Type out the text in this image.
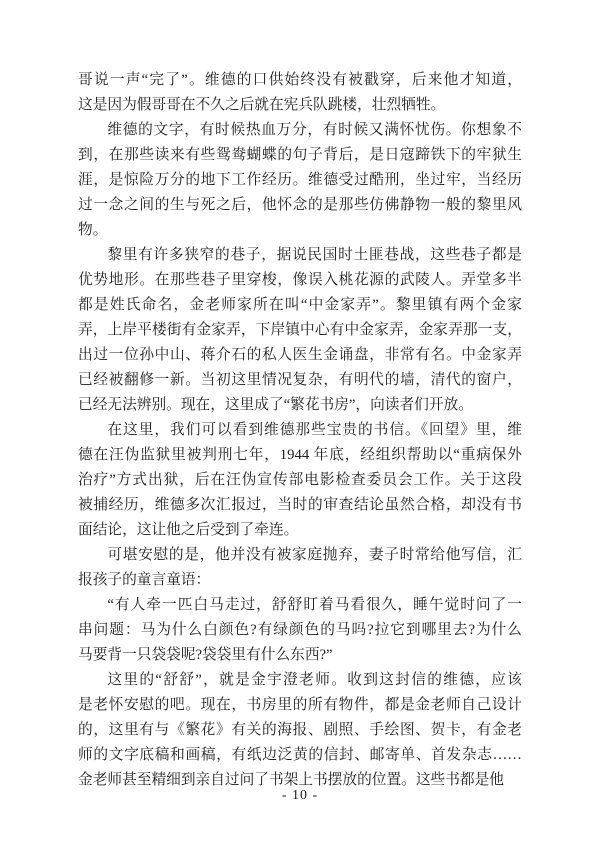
哥说一声“完了”。维德的口供始终没有被戳穿，后来他才知道，
这是因为假哥哥在不久之后就在宪兵队跳楼，壮烈牺牲。
维德的文字，有时候热血万分，有时候又满怀忧伤。你想象不
到，在那些读来有些鸳鸯蝴蝶的句子背后，是日寇蹄铁下的牢狱生
涯，是惊险万分的地下工作经历。维德受过酷刑，坐过牢，当经历
过一念之间的生与死之后，他怀念的是那些仿佛静物一般的黎里风
物。
黎里有许多狭窄的巷子，据说民国时土匪巷战，这些巷子都是
优势地形。在那些巷子里穿梭，像误入桃花源的武陵人。弄堂多半
都是姓氏命名，金老师家所在叫“中金家弄”。黎里镇有两个金家
弄，上岸平楼街有金家弄，下岸镇中心有中金家弄，金家弄那一支，
出过一位孙中山、蒋介石的私人医生金诵盘，非常有名。中金家弄
已经被翻修一新。当初这里情况复杂，有明代的墙，清代的窗户，
已经无法辨别。现在，这里成了“繁花书房”，向读者们开放。
在这里，我们可以看到维德那些宝贵的书信。《回望》里，维
德在汪伪监狱里被判刑七年，1944 年底，经组织帮助以“重病保外
治疗”方式出狱，后在汪伪宣传部电影检查委员会工作。关于这段
被捕经历，维德多次汇报过，当时的审查结论虽然合格，却没有书
面结论，这让他之后受到了牵连。
可堪安慰的是，他并没有被家庭抛弃，妻子时常给他写信，汇
报孩子的童言童语：
“有人牵一匹白马走过，舒舒盯着马看很久，睡午觉时问了一
串问题：马为什么白颜色?有绿颜色的马吗?拉它到哪里去?为什么
马要背一只袋袋呢?袋袋里有什么东西?”
这里的“舒舒”，就是金宇澄老师。收到这封信的维德，应该
是老怀安慰的吧。现在，书房里的所有物件，都是金老师自己设计
的，这里有与《繁花》有关的海报、剧照、手绘图、贺卡，有金老
师的文字底稿和画稿，有纸边泛黄的信封、邮寄单、首发杂志……
金老师甚至精细到亲自过问了书架上书摆放的位置。这些书都是他
- 10 -
